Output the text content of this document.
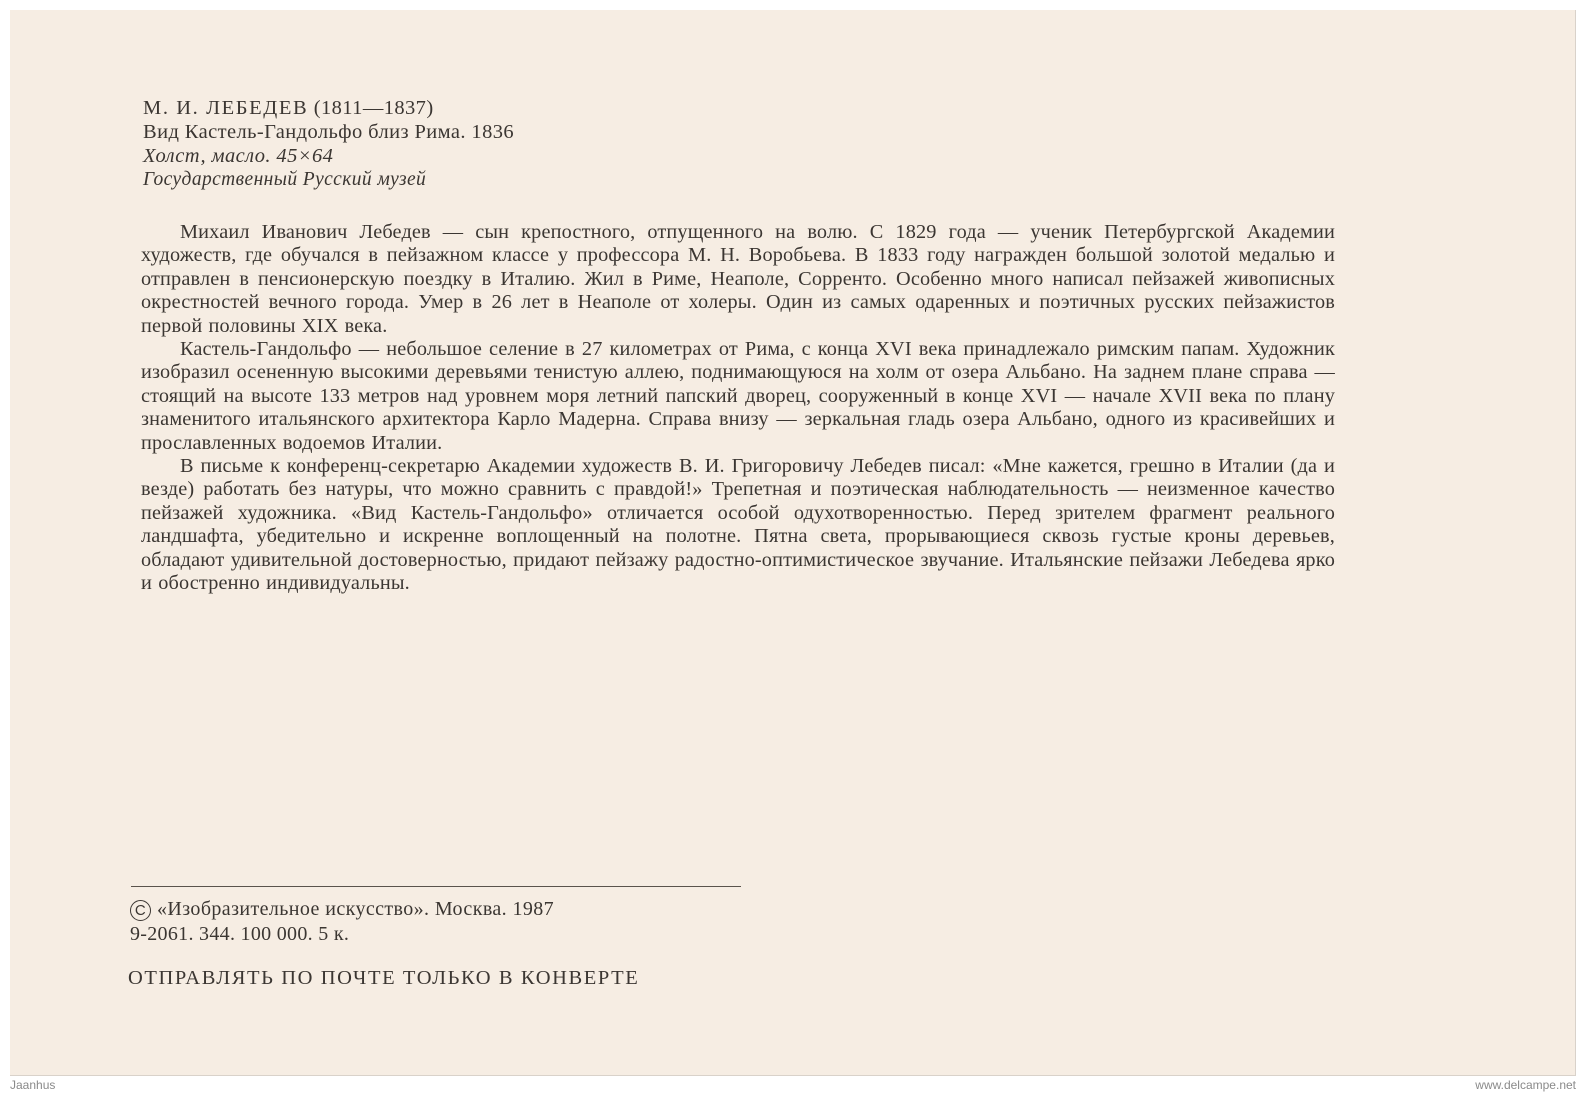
М. И. ЛЕБЕДЕВ (1811—1837)

Вид Кастель-Гандольфо близ Рима. 1836

Холст, масло. 45×64

Государственный Русский музей

Михаил Иванович Лебедев — сын крепостного, отпущенного на волю. С 1829 года — ученик Петербургской Академии художеств, где обучался в пейзажном классе у профессора М. Н. Воробьева. В 1833 году награжден большой золотой медалью и отправлен в пенсионерскую поездку в Италию. Жил в Риме, Неаполе, Сорренто. Особенно много написал пейзажей живописных окрестностей вечного города. Умер в 26 лет в Неаполе от холеры. Один из самых одаренных и поэтичных русских пейзажистов первой половины XIX века.

Кастель-Гандольфо — небольшое селение в 27 километрах от Рима, с конца XVI века принадлежало римским папам. Художник изобразил осененную высокими деревьями тенистую аллею, поднимающуюся на холм от озера Альбано. На заднем плане справа — стоящий на высоте 133 метров над уровнем моря летний папский дворец, сооруженный в конце XVI — начале XVII века по плану знаменитого итальянского архитектора Карло Мадерна. Справа внизу — зеркальная гладь озера Альбано, одного из красивейших и прославленных водоемов Италии.

В письме к конференц-секретарю Академии художеств В. И. Григоровичу Лебедев писал: «Мне кажется, грешно в Италии (да и везде) работать без натуры, что можно сравнить с правдой!» Трепетная и поэтическая наблюдательность — неизменное качество пейзажей художника. «Вид Кастель-Гандольфо» отличается особой одухотворенностью. Перед зрителем фрагмент реального ландшафта, убедительно и искренне воплощенный на полотне. Пятна света, прорывающиеся сквозь густые кроны деревьев, обладают удивительной достоверностью, придают пейзажу радостно-оптимистическое звучание. Итальянские пейзажи Лебедева ярко и обостренно индивидуальны.

C «Изобразительное искусство». Москва. 1987
9-2061. 344. 100 000. 5 к.
ОТПРАВЛЯТЬ ПО ПОЧТЕ ТОЛЬКО В КОНВЕРТЕ
Jaanhus	www.delcampe.net
